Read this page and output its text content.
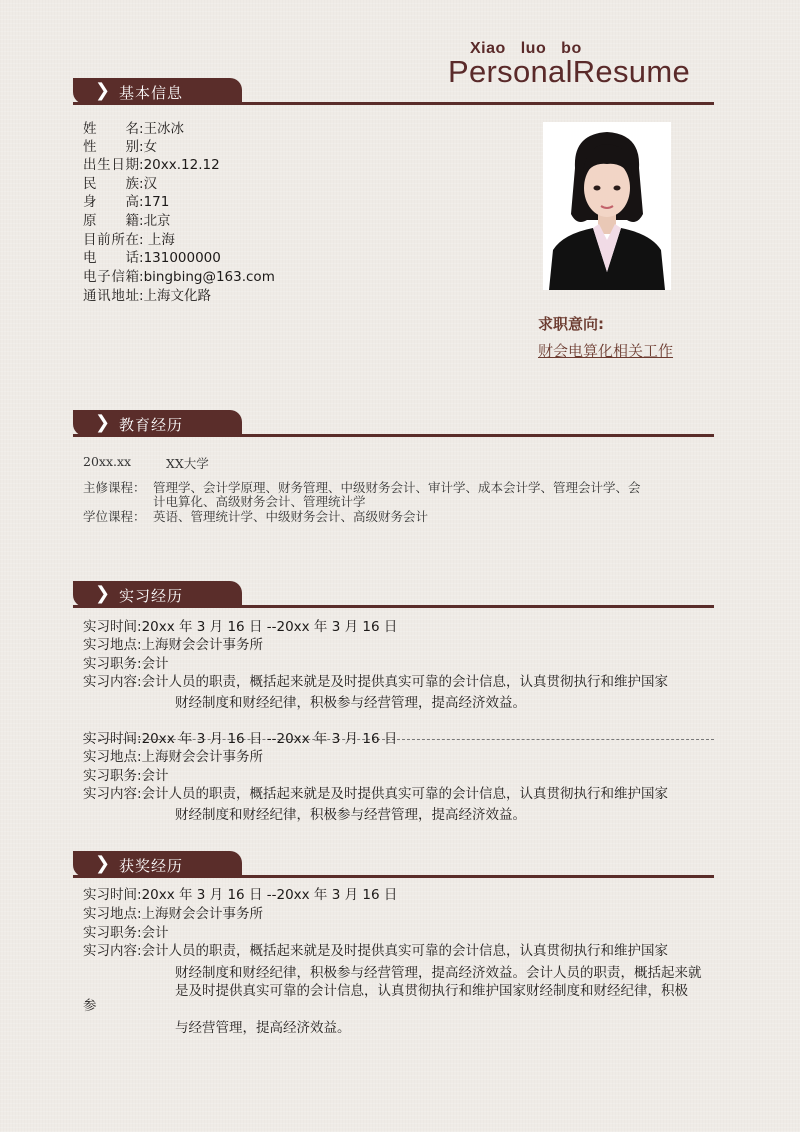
Xiao luo bo
PersonalResume
❯ 基本信息
姓　名:王冰冰
性　别:女
出生日期:20xx.12.12
民　族:汉
身　高:171
原　籍:北京
目前所在: 上海
电　话:131000000
电子信箱:bingbing@163.com
通讯地址:上海文化路
求职意向:
财会电算化相关工作
❯ 教育经历
20xx.xx	XX大学
主修课程： 管理学、会计学原理、财务管理、中级财务会计、审计学、成本会计学、管理会计学、会
计电算化、高级财务会计、管理统计学
学位课程： 英语、管理统计学、中级财务会计、高级财务会计
❯ 实习经历
实习时间:20xx 年 3 月 16 日 --20xx 年 3 月 16 日
实习地点:上海财会会计事务所
实习职务:会计
实习内容:会计人员的职责，概括起来就是及时提供真实可靠的会计信息，认真贯彻执行和维护国家
财经制度和财经纪律，积极参与经营管理，提高经济效益。
实习时间:20xx 年 3 月 16 日 --20xx 年 3 月 16 日
实习地点:上海财会会计事务所
实习职务:会计
实习内容:会计人员的职责，概括起来就是及时提供真实可靠的会计信息，认真贯彻执行和维护国家
财经制度和财经纪律，积极参与经营管理，提高经济效益。
❯ 获奖经历
实习时间:20xx 年 3 月 16 日 --20xx 年 3 月 16 日
实习地点:上海财会会计事务所
实习职务:会计
实习内容:会计人员的职责，概括起来就是及时提供真实可靠的会计信息，认真贯彻执行和维护国家
财经制度和财经纪律，积极参与经营管理，提高经济效益。会计人员的职责，概括起来就
是及时提供真实可靠的会计信息，认真贯彻执行和维护国家财经制度和财经纪律，积极
参
与经营管理，提高经济效益。
